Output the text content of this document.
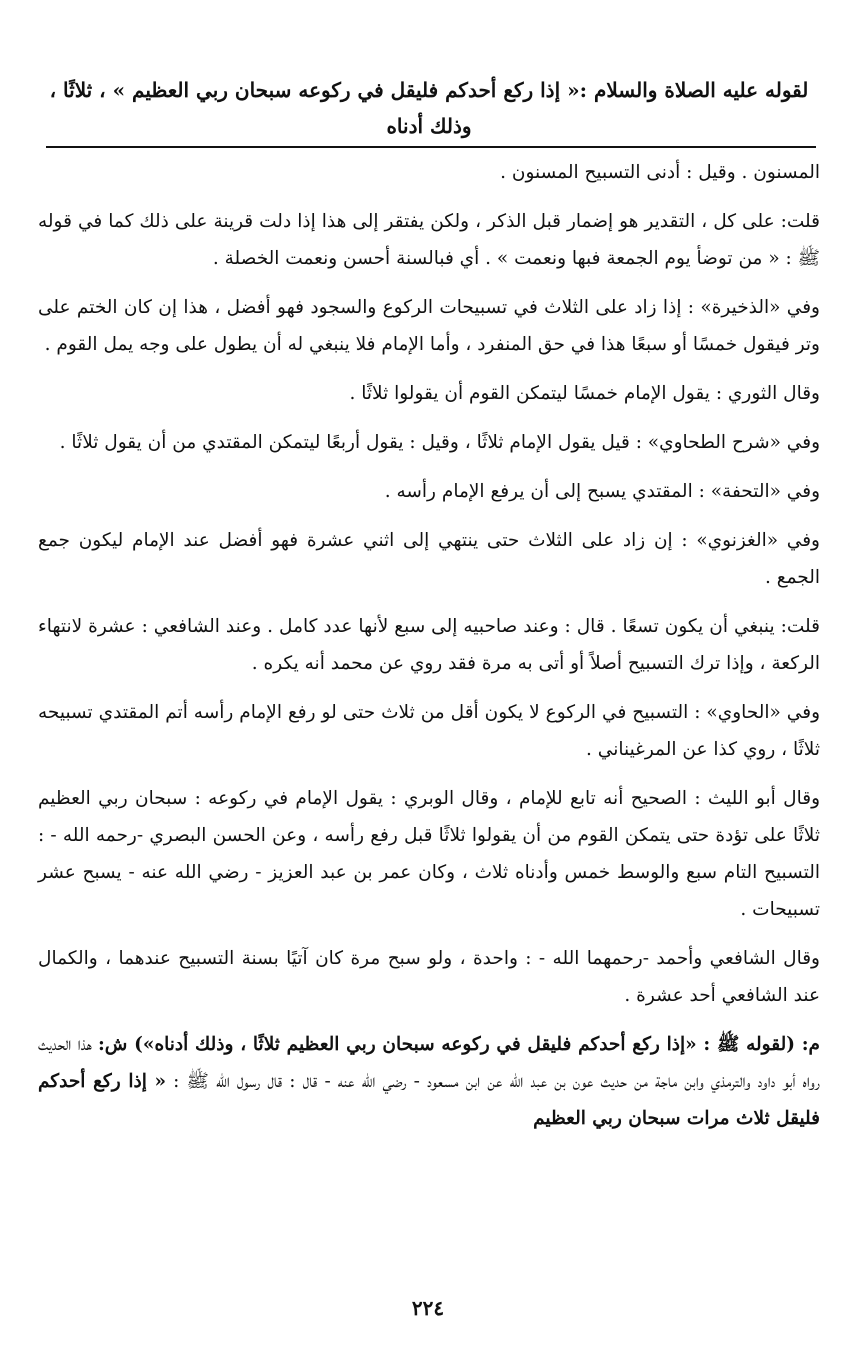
لقوله عليه الصلاة والسلام :« إذا ركع أحدكم فليقل في ركوعه سبحان ربي العظيم » ، ثلاثًا ،
وذلك أدناه

المسنون . وقيل : أدنى التسبيح المسنون .

قلت: على كل ، التقدير هو إضمار قبل الذكر ، ولكن يفتقر إلى هذا إذا دلت قرينة على ذلك كما في قوله ﷺ : « من توضأ يوم الجمعة فبها ونعمت » . أي فبالسنة أحسن ونعمت الخصلة .

وفي «الذخيرة» : إذا زاد على الثلاث في تسبيحات الركوع والسجود فهو أفضل ، هذا إن كان الختم على وتر فيقول خمسًا أو سبعًا هذا في حق المنفرد ، وأما الإمام فلا ينبغي له أن يطول على وجه يمل القوم .

وقال الثوري : يقول الإمام خمسًا ليتمكن القوم أن يقولوا ثلاثًا .

وفي «شرح الطحاوي» : قيل يقول الإمام ثلاثًا ، وقيل : يقول أربعًا ليتمكن المقتدي من أن يقول ثلاثًا .

وفي «التحفة» : المقتدي يسبح إلى أن يرفع الإمام رأسه .

وفي «الغزنوي» : إن زاد على الثلاث حتى ينتهي إلى اثني عشرة فهو أفضل عند الإمام ليكون جمع الجمع .

قلت: ينبغي أن يكون تسعًا . قال : وعند صاحبيه إلى سبع لأنها عدد كامل . وعند الشافعي : عشرة لانتهاء الركعة ، وإذا ترك التسبيح أصلاً أو أتى به مرة فقد روي عن محمد أنه يكره .

وفي «الحاوي» : التسبيح في الركوع لا يكون أقل من ثلاث حتى لو رفع الإمام رأسه أتم المقتدي تسبيحه ثلاثًا ، روي كذا عن المرغيناني .

وقال أبو الليث : الصحيح أنه تابع للإمام ، وقال الوبري : يقول الإمام في ركوعه : سبحان ربي العظيم ثلاثًا على تؤدة حتى يتمكن القوم من أن يقولوا ثلاثًا قبل رفع رأسه ، وعن الحسن البصري -رحمه الله - : التسبيح التام سبع والوسط خمس وأدناه ثلاث ، وكان عمر بن عبد العزيز - رضي الله عنه - يسبح عشر تسبيحات .

وقال الشافعي وأحمد -رحمهما الله - : واحدة ، ولو سبح مرة كان آتيًا بسنة التسبيح عندهما ، والكمال عند الشافعي أحد عشرة .

م: (لقوله ﷺ : «إذا ركع أحدكم فليقل في ركوعه سبحان ربي العظيم ثلاثًا ، وذلك أدناه») ش: هذا الحديث رواه أبو داود والترمذي وابن ماجة من حديث عون بن عبد الله عن ابن مسعود - رضي الله عنه - قال : قال رسول الله ﷺ : « إذا ركع أحدكم فليقل ثلاث مرات سبحان ربي العظيم

٢٢٤
